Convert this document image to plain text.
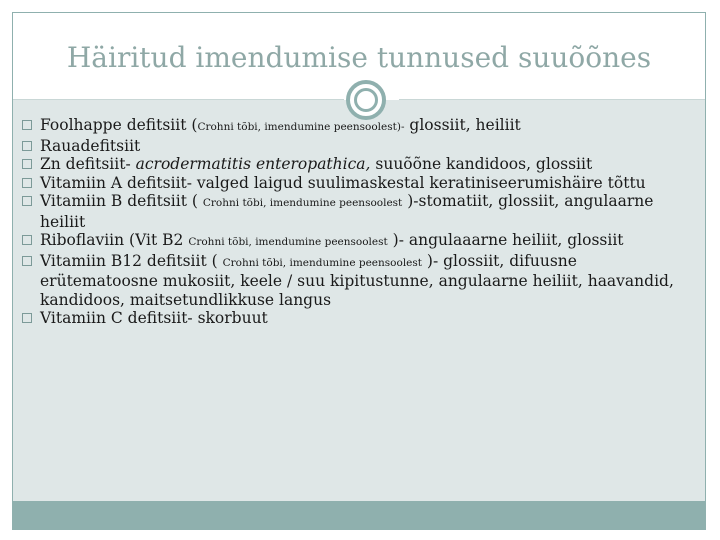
Häiritud imendumise tunnused suuõõnes
Foolhappe defitsiit (Crohni tõbi, imendumine peensoolest)- glossiit, heiliit
Rauadefitsiit
Zn defitsiit- acrodermatitis enteropathica, suuõõne kandidoos, glossiit
Vitamiin A defitsiit- valged laigud suulimaskestal keratiniseerumishäire tõttu
Vitamiin B defitsiit ( Crohni tõbi, imendumine peensoolest )-stomatiit, glossiit, angulaarne heiliit
Riboflaviin (Vit B2 Crohni tõbi, imendumine peensoolest )- angulaaarne heiliit, glossiit
Vitamiin B12 defitsiit ( Crohni tõbi, imendumine peensoolest )- glossiit, difuusne erütematoosne mukosiit, keele / suu kipitustunne, angulaarne heiliit, haavandid, kandidoos, maitsetundlikkuse langus
Vitamiin C defitsiit- skorbuut
